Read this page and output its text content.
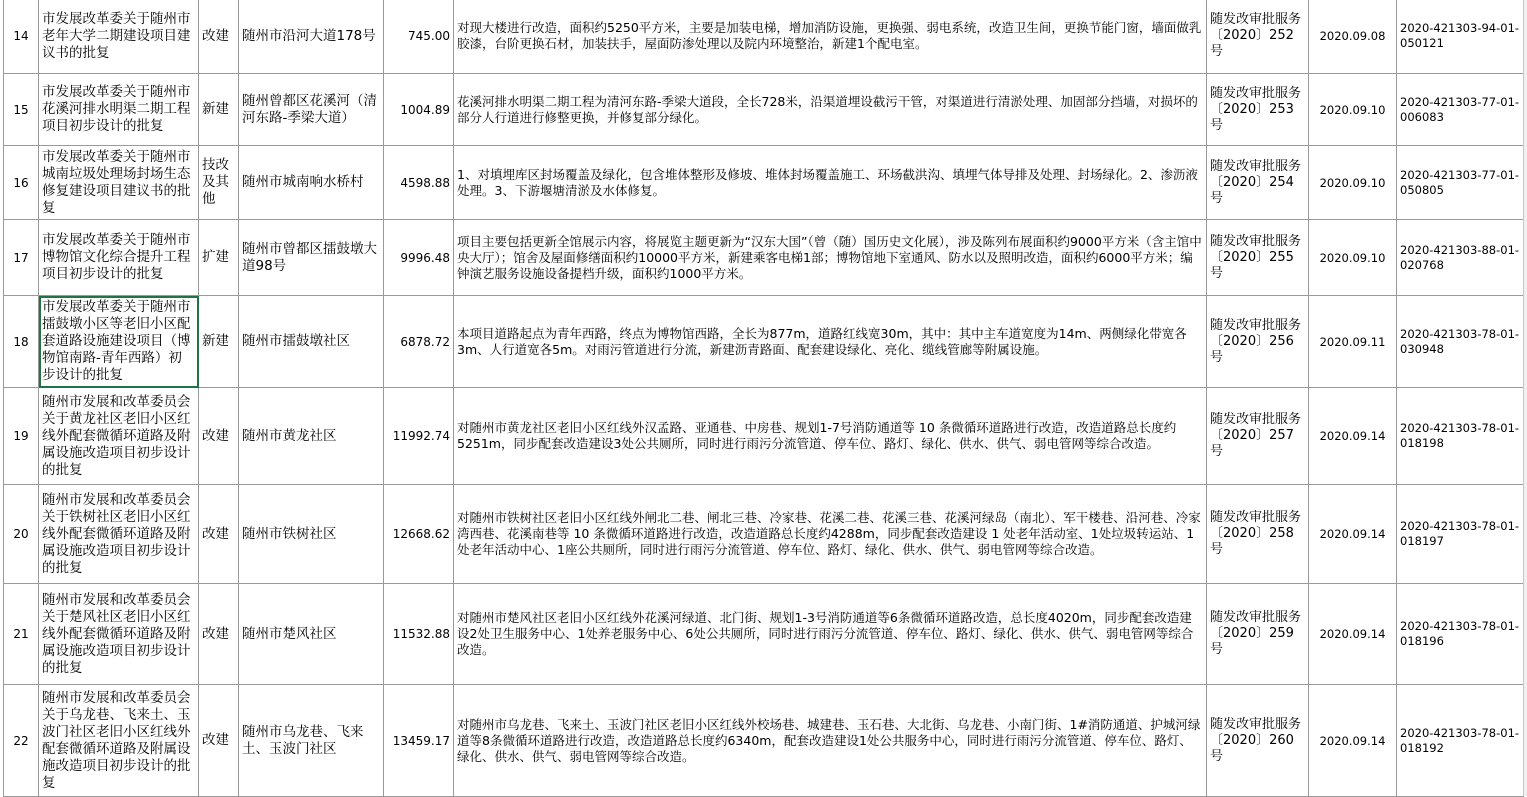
14	市发展改革委关于随州市老年大学二期建设项目建议书的批复	改建	随州市沿河大道178号	745.00	对现大楼进行改造，面积约5250平方米，主要是加装电梯，增加消防设施，更换强、弱电系统，改造卫生间，更换节能门窗，墙面做乳胶漆，台阶更换石材，加装扶手，屋面防渗处理以及院内环境整治，新建1个配电室。	随发改审批服务〔2020〕252号	2020.09.08	2020-421303-94-01-050121
15	市发展改革委关于随州市花溪河排水明渠二期工程项目初步设计的批复	新建	随州曾都区花溪河（清河东路-季梁大道）	1004.89	花溪河排水明渠二期工程为清河东路-季梁大道段，全长728米，沿渠道埋设截污干管，对渠道进行清淤处理、加固部分挡墙，对损坏的部分人行道进行修整更换，并修复部分绿化。	随发改审批服务〔2020〕253号	2020.09.10	2020-421303-77-01-006083
16	市发展改革委关于随州市城南垃圾处理场封场生态修复建设项目建议书的批复	技改及其他	随州市城南响水桥村	4598.88	1、对填埋库区封场覆盖及绿化，包含堆体整形及修坡、堆体封场覆盖施工、环场截洪沟、填埋气体导排及处理、封场绿化。2、渗沥液处理。3、下游堰塘清淤及水体修复。	随发改审批服务〔2020〕254号	2020.09.10	2020-421303-77-01-050805
17	市发展改革委关于随州市博物馆文化综合提升工程项目初步设计的批复	扩建	随州市曾都区擂鼓墩大道98号	9996.48	项目主要包括更新全馆展示内容，将展览主题更新为“汉东大国”（曾（随）国历史文化展），涉及陈列布展面积约9000平方米（含主馆中央大厅）；馆舍及屋面修缮面积约10000平方米，新建乘客电梯1部；博物馆地下室通风、防水以及照明改造，面积约6000平方米；编钟演艺服务设施设备提档升级，面积约1000平方米。	随发改审批服务〔2020〕255号	2020.09.10	2020-421303-88-01-020768
18	市发展改革委关于随州市擂鼓墩小区等老旧小区配套道路设施建设项目（博物馆南路-青年西路）初步设计的批复	新建	随州市擂鼓墩社区	6878.72	本项目道路起点为青年西路，终点为博物馆西路，全长为877m，道路红线宽30m，其中：其中主车道宽度为14m、两侧绿化带宽各3m、人行道宽各5m。对雨污管道进行分流，新建沥青路面、配套建设绿化、亮化、缆线管廊等附属设施。	随发改审批服务〔2020〕256号	2020.09.11	2020-421303-78-01-030948
19	随州市发展和改革委员会关于黄龙社区老旧小区红线外配套微循环道路及附属设施改造项目初步设计的批复	改建	随州市黄龙社区	11992.74	对随州市黄龙社区老旧小区红线外汉孟路、亚通巷、中房巷、规划1-7号消防通道等 10 条微循环道路进行改造，改造道路总长度约 5251m，同步配套改造建设3处公共厕所，同时进行雨污分流管道、停车位、路灯、绿化、供水、供气、弱电管网等综合改造。	随发改审批服务〔2020〕257号	2020.09.14	2020-421303-78-01-018198
20	随州市发展和改革委员会关于铁树社区老旧小区红线外配套微循环道路及附属设施改造项目初步设计的批复	改建	随州市铁树社区	12668.62	对随州市铁树社区老旧小区红线外闸北二巷、闸北三巷、冷家巷、花溪二巷、花溪三巷、花溪河绿岛（南北）、军干楼巷、沿河巷、冷家湾西巷、花溪南巷等 10 条微循环道路进行改造，改造道路总长度约4288m，同步配套改造建设 1 处老年活动室、1处垃圾转运站、1处老年活动中心、1座公共厕所，同时进行雨污分流管道、停车位、路灯、绿化、供水、供气、弱电管网等综合改造。	随发改审批服务〔2020〕258号	2020.09.14	2020-421303-78-01-018197
21	随州市发展和改革委员会关于楚风社区老旧小区红线外配套微循环道路及附属设施改造项目初步设计的批复	改建	随州市楚风社区	11532.88	对随州市楚风社区老旧小区红线外花溪河绿道、北门街、规划1-3号消防通道等6条微循环道路改造，总长度4020m，同步配套改造建设2处卫生服务中心、1处养老服务中心、6处公共厕所，同时进行雨污分流管道、停车位、路灯、绿化、供水、供气、弱电管网等综合改造。	随发改审批服务〔2020〕259号	2020.09.14	2020-421303-78-01-018196
22	随州市发展和改革委员会关于乌龙巷、飞来土、玉波门社区老旧小区红线外配套微循环道路及附属设施改造项目初步设计的批复	改建	随州市乌龙巷、飞来土、玉波门社区	13459.17	对随州市乌龙巷、飞来土、玉波门社区老旧小区红线外校场巷、城建巷、玉石巷、大北街、乌龙巷、小南门街、1#消防通道、护城河绿道等8条微循环道路进行改造，改造道路总长度约6340m，配套改造建设1处公共服务中心，同时进行雨污分流管道、停车位、路灯、绿化、供水、供气、弱电管网等综合改造。	随发改审批服务〔2020〕260号	2020.09.14	2020-421303-78-01-018192
